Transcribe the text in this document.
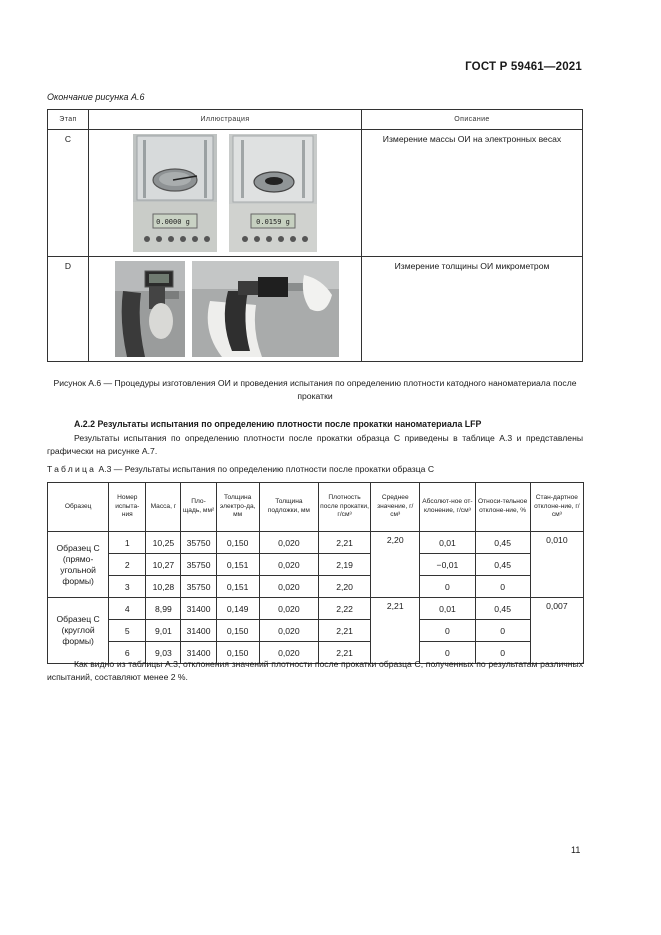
ГОСТ Р 59461—2021
Окончание рисунка А.6
Этап	Иллюстрация	Описание
C	0.0000 g 0.0159 g	Измерение массы ОИ на электронных весах
D		Измерение толщины ОИ микрометром
Рисунок А.6 — Процедуры изготовления ОИ и проведения испытания по определению плотности катодного наноматериала после прокатки
А.2.2 Результаты испытания по определению плотности после прокатки наноматериала LFP
Результаты испытания по определению плотности после прокатки образца С приведены в таблице А.3 и представлены графически на рисунке А.7.
Таблица А.3 — Результаты испытания по определению плотности после прокатки образца С
Образец	Номер испыта-ния	Масса, г	Пло-щадь, мм²	Толщина электро-да, мм	Толщина подложки, мм	Плотность после прокатки, г/см³	Среднее значение, г/см³	Абсолют-ное от-клонение, г/см³	Относи-тельное отклоне-ние, %	Стан-дартное отклоне-ние, г/см³
Образец С (прямо-угольной формы)	1	10,25	35750	0,150	0,020	2,21	2,20	0,01	0,45	0,010
	2	10,27	35750	0,151	0,020	2,19		−0,01	0,45	
	3	10,28	35750	0,151	0,020	2,20		0	0	
Образец С (круглой формы)	4	8,99	31400	0,149	0,020	2,22	2,21	0,01	0,45	0,007
	5	9,01	31400	0,150	0,020	2,21		0	0	
	6	9,03	31400	0,150	0,020	2,21		0	0	
Как видно из таблицы А.3, отклонения значений плотности после прокатки образца С, полученных по результатам различных испытаний, составляют менее 2 %.
11
